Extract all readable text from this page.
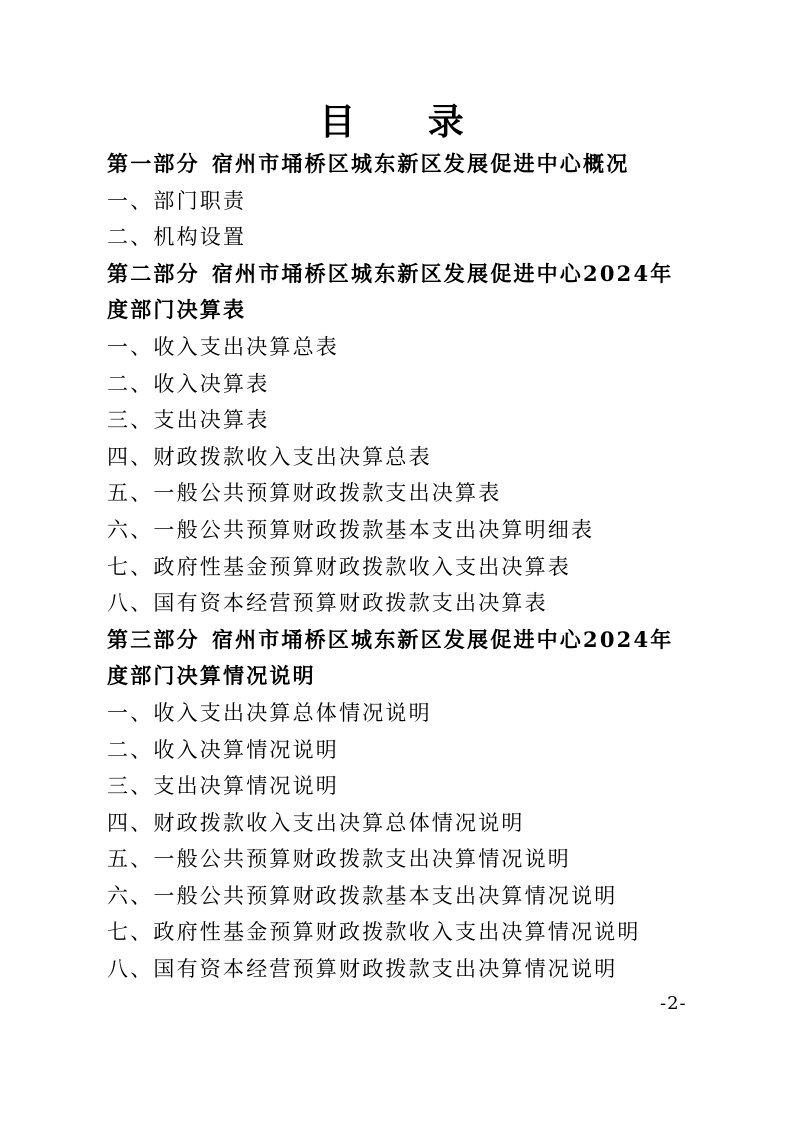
目 录
第一部分 宿州市埇桥区城东新区发展促进中心概况
一、部门职责
二、机构设置
第二部分 宿州市埇桥区城东新区发展促进中心2024年
度部门决算表
一、收入支出决算总表
二、收入决算表
三、支出决算表
四、财政拨款收入支出决算总表
五、一般公共预算财政拨款支出决算表
六、一般公共预算财政拨款基本支出决算明细表
七、政府性基金预算财政拨款收入支出决算表
八、国有资本经营预算财政拨款支出决算表
第三部分 宿州市埇桥区城东新区发展促进中心2024年
度部门决算情况说明
一、收入支出决算总体情况说明
二、收入决算情况说明
三、支出决算情况说明
四、财政拨款收入支出决算总体情况说明
五、一般公共预算财政拨款支出决算情况说明
六、一般公共预算财政拨款基本支出决算情况说明
七、政府性基金预算财政拨款收入支出决算情况说明
八、国有资本经营预算财政拨款支出决算情况说明
-2-
